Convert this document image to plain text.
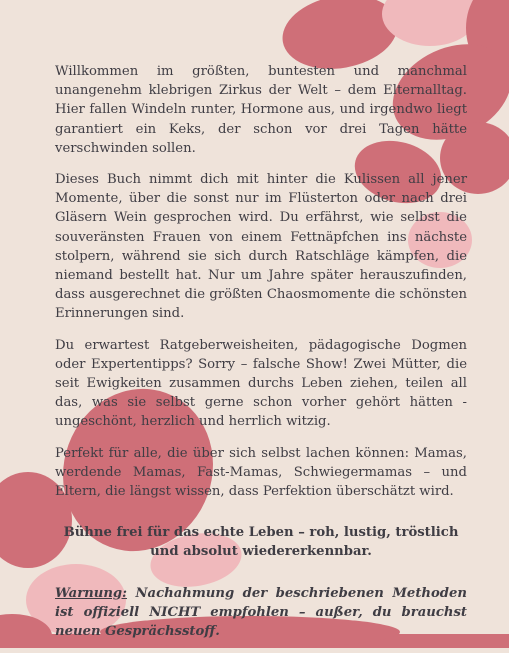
Willkommen im größten, buntesten und manchmal unangenehm klebrigen Zirkus der Welt – dem Elternalltag. Hier fallen Windeln runter, Hormone aus, und irgendwo liegt garantiert ein Keks, der schon vor drei Tagen hätte verschwinden sollen.

Dieses Buch nimmt dich mit hinter die Kulissen all jener Momente, über die sonst nur im Flüsterton oder nach drei Gläsern Wein gesprochen wird. Du erfährst, wie selbst die souveränsten Frauen von einem Fettnäpfchen ins nächste stolpern, während sie sich durch Ratschläge kämpfen, die niemand bestellt hat. Nur um Jahre später herauszufinden, dass ausgerechnet die größten Chaosmomente die schönsten Erinnerungen sind.

Du erwartest Ratgeberweisheiten, pädagogische Dogmen oder Expertentipps? Sorry – falsche Show! Zwei Mütter, die seit Ewigkeiten zusammen durchs Leben ziehen, teilen all das, was sie selbst gerne schon vorher gehört hätten - ungeschönt, herzlich und herrlich witzig.

Perfekt für alle, die über sich selbst lachen können: Mamas, werdende Mamas, Fast-Mamas, Schwiegermamas – und Eltern, die längst wissen, dass Perfektion überschätzt wird.

Bühne frei für das echte Leben – roh, lustig, tröstlich und absolut wiedererkennbar.

Warnung: Nachahmung der beschriebenen Methoden ist offiziell NICHT empfohlen – außer, du brauchst neuen Gesprächsstoff.
